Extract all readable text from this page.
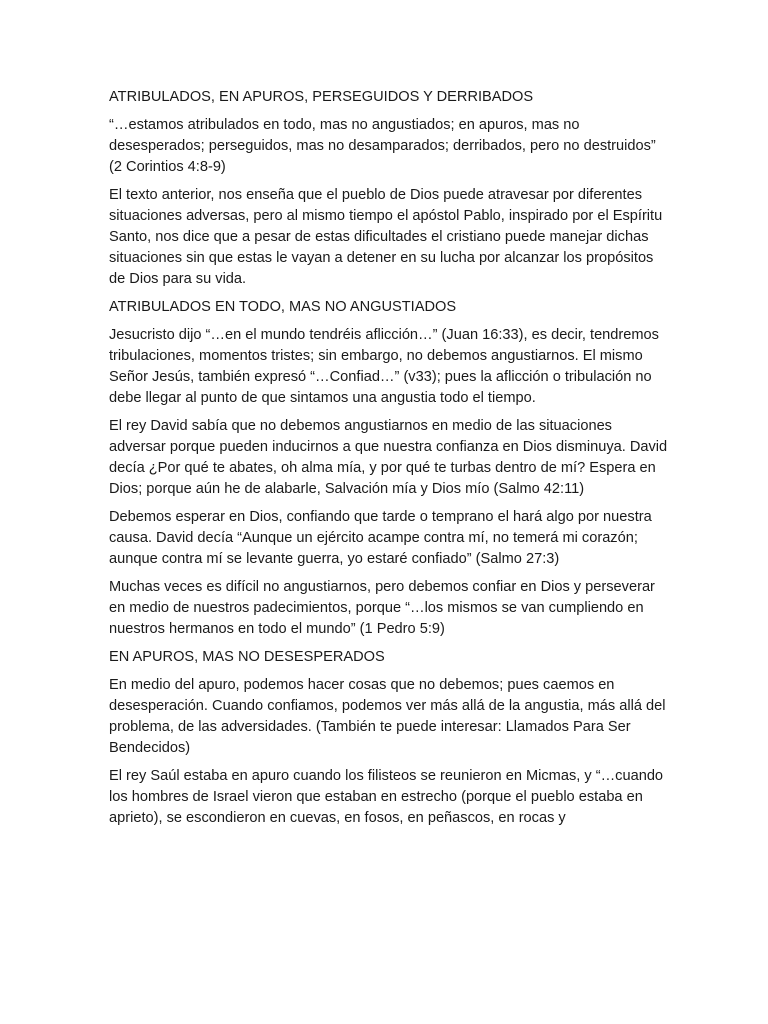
ATRIBULADOS, EN APUROS, PERSEGUIDOS Y DERRIBADOS

“…estamos atribulados en todo, mas no angustiados; en apuros, mas no desesperados; perseguidos, mas no desamparados; derribados, pero no destruidos” (2 Corintios 4:8-9)

El texto anterior, nos enseña que el pueblo de Dios puede atravesar por diferentes situaciones adversas, pero al mismo tiempo el apóstol Pablo, inspirado por el Espíritu Santo, nos dice que a pesar de estas dificultades el cristiano puede manejar dichas situaciones sin que estas le vayan a detener en su lucha por alcanzar los propósitos de Dios para su vida.

ATRIBULADOS EN TODO, MAS NO ANGUSTIADOS

Jesucristo dijo “…en el mundo tendréis aflicción…” (Juan 16:33), es decir, tendremos tribulaciones, momentos tristes; sin embargo, no debemos angustiarnos. El mismo Señor Jesús, también expresó “…Confiad…” (v33); pues la aflicción o tribulación no debe llegar al punto de que sintamos una angustia todo el tiempo.

El rey David sabía que no debemos angustiarnos en medio de las situaciones adversar porque pueden inducirnos a que nuestra confianza en Dios disminuya. David decía ¿Por qué te abates, oh alma mía, y por qué te turbas dentro de mí? Espera en Dios; porque aún he de alabarle, Salvación mía y Dios mío (Salmo 42:11)

Debemos esperar en Dios, confiando que tarde o temprano el hará algo por nuestra causa. David decía “Aunque un ejército acampe contra mí, no temerá mi corazón; aunque contra mí se levante guerra, yo estaré confiado” (Salmo 27:3)

Muchas veces es difícil no angustiarnos, pero debemos confiar en Dios y perseverar en medio de nuestros padecimientos, porque “…los mismos se van cumpliendo en nuestros hermanos en todo el mundo” (1 Pedro 5:9)

EN APUROS, MAS NO DESESPERADOS

En medio del apuro, podemos hacer cosas que no debemos; pues caemos en desesperación. Cuando confiamos, podemos ver más allá de la angustia, más allá del problema, de las adversidades. (También te puede interesar: Llamados Para Ser Bendecidos)

El rey Saúl estaba en apuro cuando los filisteos se reunieron en Micmas, y “…cuando los hombres de Israel vieron que estaban en estrecho (porque el pueblo estaba en aprieto), se escondieron en cuevas, en fosos, en peñascos, en rocas y
